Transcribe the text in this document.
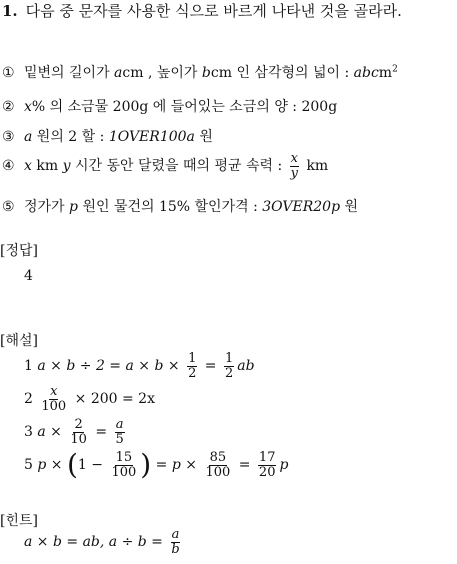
1. 다음 중 문자를 사용한 식으로 바르게 나타낸 것을 골라라.
① 밑변의 길이가 acm , 높이가 bcm 인 삼각형의 넓이 : abcm$^2$
② x% 의 소금물 200g 에 들어있는 소금의 양 : 200g
③ a 원의 2 할 : 1OVER100a 원
④ x km y 시간 동안 달렸을 때의 평균 속력 : $\frac{x}{y}$ km
⑤ 정가가 p 원인 물건의 15% 할인가격 : 3OVER20p 원
[정답]
4
[해설]
1 $a \times b \div 2 = a \times b \times \frac{1}{2} = \frac{1}{2}$ ab
$2 \frac{x}{100} \times 200 = 2x$
3 $a \times \frac{2}{10} = \frac{a}{5}$
5 $p \times (1 - \frac{15}{100}$ ) = $p \times \frac{85}{100} = \frac{17}{20}$ p
[힌트]
a × b = ab, $a \div b = \frac{a}{b}$
